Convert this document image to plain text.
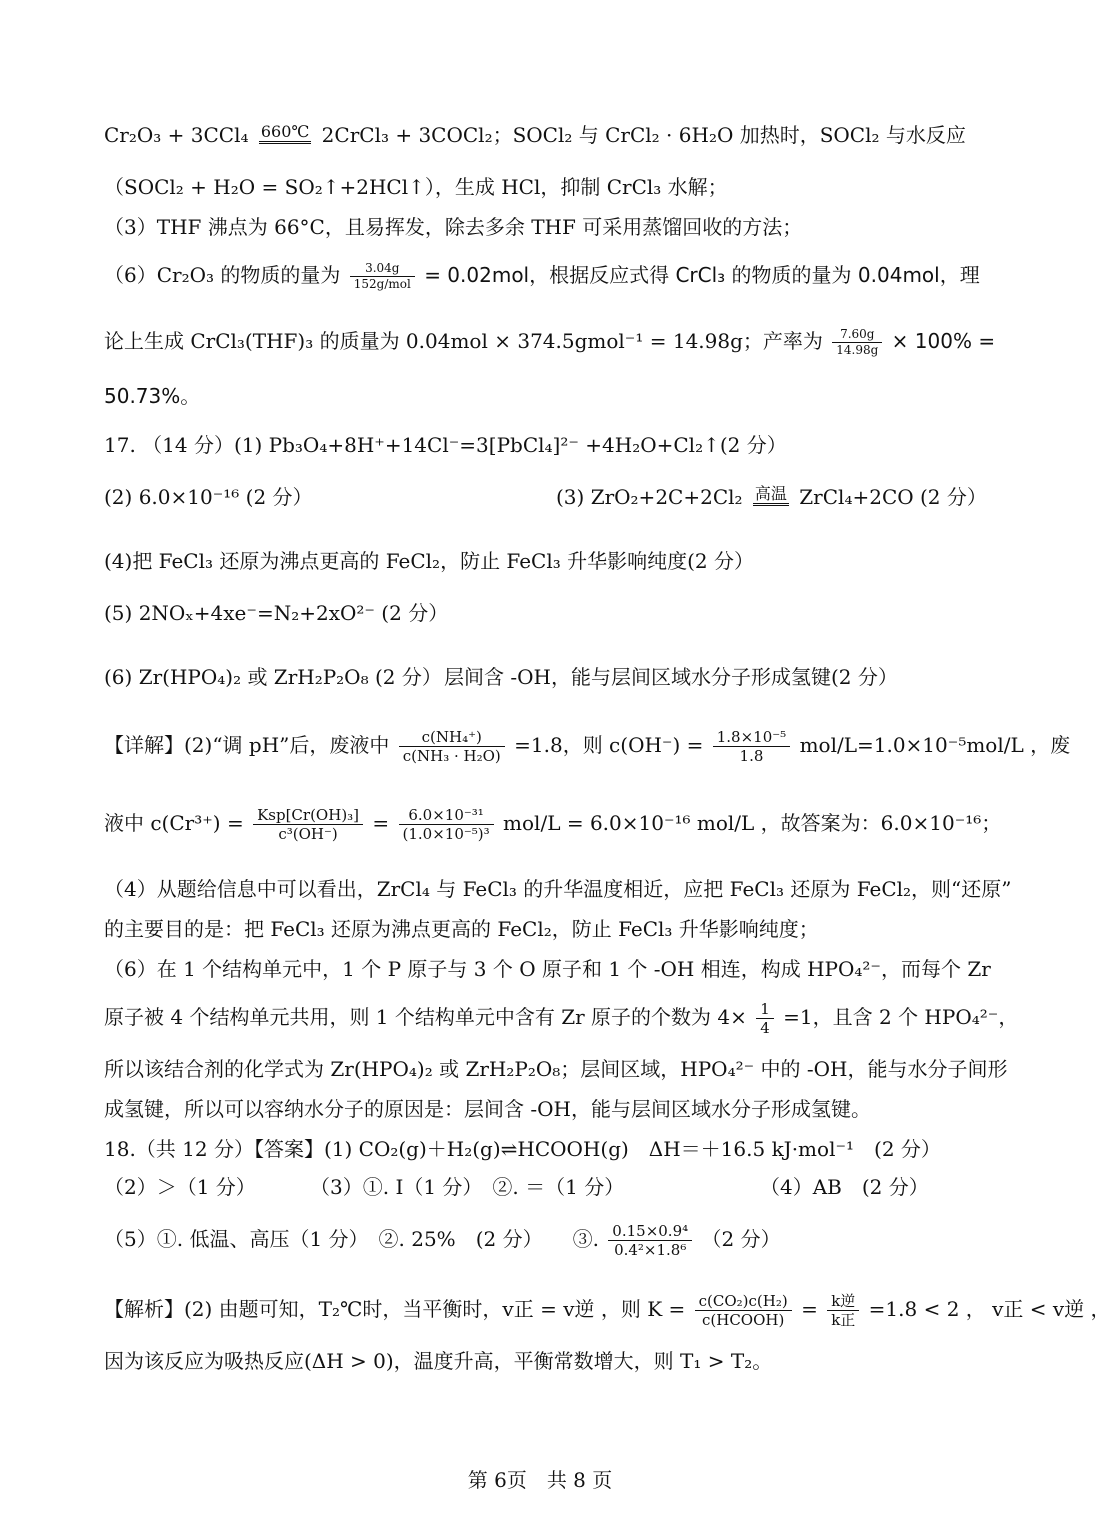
Cr₂O₃ + 3CCl₄ 660℃ 2CrCl₃ + 3COCl₂；SOCl₂ 与 CrCl₂ · 6H₂O 加热时，SOCl₂ 与水反应
（SOCl₂ + H₂O = SO₂↑+2HCl↑），生成 HCl，抑制 CrCl₃ 水解；
（3）THF 沸点为 66°C，且易挥发，除去多余 THF 可采用蒸馏回收的方法；
（6）Cr₂O₃ 的物质的量为	3.04g
152g/mol = 0.02mol，根据反应式得 CrCl₃ 的物质的量为 0.04mol，理
论上生成 CrCl₃(THF)₃ 的质量为 0.04mol × 374.5gmol⁻¹ = 14.98g；产率为 $\frac{7.60g}{14.98g} \times 100\%$ =
50.73%。
17. （14 分）(1) Pb₃O₄+8H⁺+14Cl⁻=3[PbCl₄]²⁻ +4H₂O+Cl₂↑(2 分）
(2) 6.0×10⁻¹⁶ (2 分）	(3) ZrO₂+2C+2Cl₂ 高温 ZrCl₄+2CO (2 分）
(4)把 FeCl₃ 还原为沸点更高的 FeCl₂，防止 FeCl₃ 升华影响纯度(2 分）
(5) 2NOₓ+4xe⁻=N₂+2xO²⁻ (2 分）
(6) Zr(HPO₄)₂ 或 ZrH₂P₂O₈ (2 分） 层间含 -OH，能与层间区域水分子形成氢键(2 分）
【详解】(2)“调 pH”后，废液中 $\frac{\text{c(NH₄⁺)}}{\text{c(NH₃ · H₂O)}} =1.8$，则 $c(OH^-) = \frac{\text{1.8×10⁻⁵}}{1.8} mol/L=1.0\times 10^{-5}mol/L$ ，废
液中 c(Cr³⁺) = Ksp[Cr(OH)₃]
c³(OH⁻)	= $\frac{\text{6.0×10⁻³¹}}{\text{(1.0×10⁻⁵)³}} mol/L = 6.0\times 10^{-16}$ mol/L ，故答案为：6.0×10⁻¹⁶；
（4）从题给信息中可以看出，ZrCl₄ 与 FeCl₃ 的升华温度相近，应把 FeCl₃ 还原为 FeCl₂，则“还原”
的主要目的是：把 FeCl₃ 还原为沸点更高的 FeCl₂，防止 FeCl₃ 升华影响纯度；
（6）在 1 个结构单元中，1 个 P 原子与 3 个 O 原子和 1 个 -OH 相连，构成 HPO₄²⁻，而每个 Zr
原子被 4 个结构单元共用，则 1 个结构单元中含有 Zr 原子的个数为 $4\times \frac{1}{4} =1$，且含 2 个 HPO₄²⁻，
所以该结合剂的化学式为 Zr(HPO₄)₂ 或 ZrH₂P₂O₈；层间区域，HPO₄²⁻ 中的 -OH，能与水分子间形
成氢键，所以可以容纳水分子的原因是：层间含 -OH，能与层间区域水分子形成氢键。
18.（共 12 分）【答案】(1) CO₂(g)＋H₂(g)⇌HCOOH(g)　ΔH＝＋16.5 kJ·mol⁻¹　(2 分）
（2）＞（1 分）	（3）①. I（1 分）　②. ＝（1 分）	（4）AB　(2 分）
（5）①. 低温、高压（1 分）　②. 25%　(2 分）　　③. $\frac{\text{0.15×0.9⁴}}{\text{0.4²×1.8⁶}} (2$ 分）
【解析】(2) 由题可知，T₂℃时，当平衡时，v正 = v逆 ，则 K = c(CO₂)c(H₂)
c(HCOOH) = k逆
k正 =1.8 < 2 ， v正 < v逆 ，
因为该反应为吸热反应(ΔH > 0)，温度升高，平衡常数增大，则 T₁ > T₂。
第 6页　共 8 页
